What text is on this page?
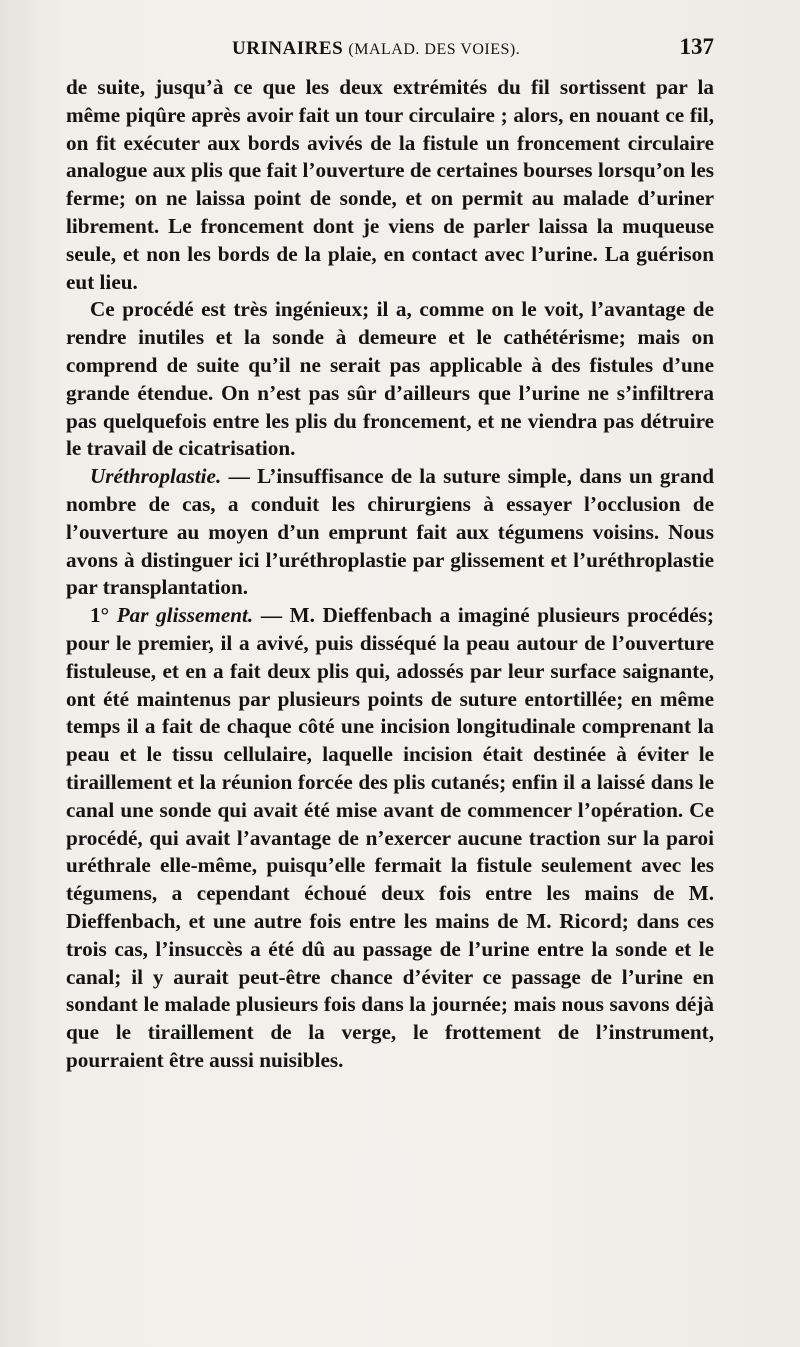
URINAIRES (MALAD. DES VOIES).	137

de suite, jusqu’à ce que les deux extrémités du fil sortissent par la même piqûre après avoir fait un tour circulaire ; alors, en nouant ce fil, on fit exécuter aux bords avivés de la fistule un froncement circulaire analogue aux plis que fait l’ouverture de certaines bourses lorsqu’on les ferme; on ne laissa point de sonde, et on permit au malade d’uriner librement. Le froncement dont je viens de parler laissa la muqueuse seule, et non les bords de la plaie, en contact avec l’urine. La guérison eut lieu.

Ce procédé est très ingénieux; il a, comme on le voit, l’avantage de rendre inutiles et la sonde à demeure et le cathétérisme; mais on comprend de suite qu’il ne serait pas applicable à des fistules d’une grande étendue. On n’est pas sûr d’ailleurs que l’urine ne s’infiltrera pas quelquefois entre les plis du froncement, et ne viendra pas détruire le travail de cicatrisation.

Uréthroplastie. — L’insuffisance de la suture simple, dans un grand nombre de cas, a conduit les chirurgiens à essayer l’occlusion de l’ouverture au moyen d’un emprunt fait aux tégumens voisins. Nous avons à distinguer ici l’uréthroplastie par glissement et l’uréthroplastie par transplantation.

1° Par glissement. — M. Dieffenbach a imaginé plusieurs procédés; pour le premier, il a avivé, puis disséqué la peau autour de l’ouverture fistuleuse, et en a fait deux plis qui, adossés par leur surface saignante, ont été maintenus par plusieurs points de suture entortillée; en même temps il a fait de chaque côté une incision longitudinale comprenant la peau et le tissu cellulaire, laquelle incision était destinée à éviter le tiraillement et la réunion forcée des plis cutanés; enfin il a laissé dans le canal une sonde qui avait été mise avant de commencer l’opération. Ce procédé, qui avait l’avantage de n’exercer aucune traction sur la paroi uréthrale elle-même, puisqu’elle fermait la fistule seulement avec les tégumens, a cependant échoué deux fois entre les mains de M. Dieffenbach, et une autre fois entre les mains de M. Ricord; dans ces trois cas, l’insuccès a été dû au passage de l’urine entre la sonde et le canal; il y aurait peut-être chance d’éviter ce passage de l’urine en sondant le malade plusieurs fois dans la journée; mais nous savons déjà que le tiraillement de la verge, le frottement de l’instrument, pourraient être aussi nuisibles.
